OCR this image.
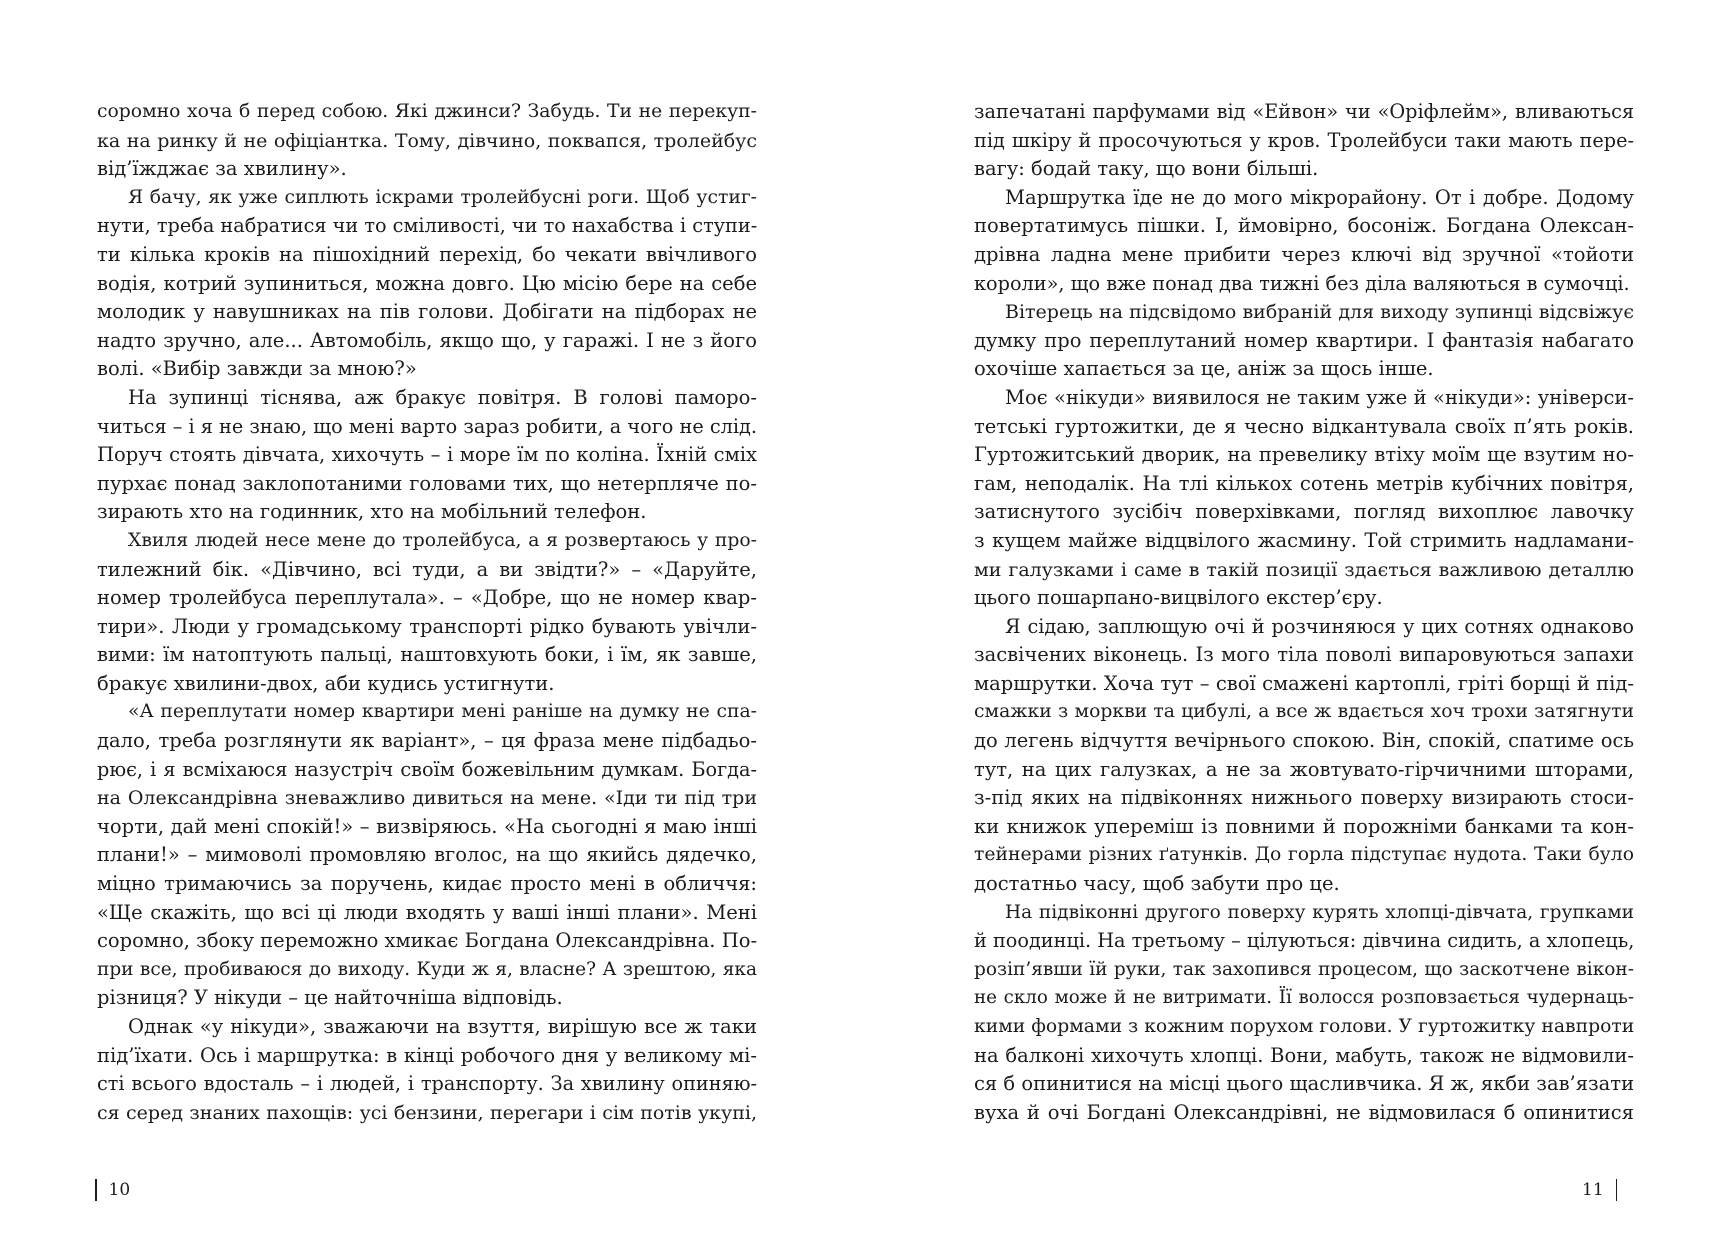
соромно хоча б перед собою. Які джинси? Забудь. Ти не перекуп-
ка на ринку й не офіціантка. Тому, дівчино, поквапся, тролейбус
від’їжджає за хвилину».
Я бачу, як уже сиплють іскрами тролейбусні роги. Щоб устиг-
нути, треба набратися чи то сміливості, чи то нахабства і ступи-
ти кілька кроків на пішохідний перехід, бо чекати ввічливого
водія, котрий зупиниться, можна довго. Цю місію бере на себе
молодик у навушниках на пів голови. Добігати на підборах не
надто зручно, але... Автомобіль, якщо що, у гаражі. І не з його
волі. «Вибір завжди за мною?»
На зупинці тіснява, аж бракує повітря. В голові паморо-
читься – і я не знаю, що мені варто зараз робити, а чого не слід.
Поруч стоять дівчата, хихочуть – і море їм по коліна. Їхній сміх
пурхає понад заклопотаними головами тих, що нетерпляче по-
зирають хто на годинник, хто на мобільний телефон.
Хвиля людей несе мене до тролейбуса, а я розвертаюсь у про-
тилежний бік. «Дівчино, всі туди, а ви звідти?» – «Даруйте,
номер тролейбуса переплутала». – «Добре, що не номер квар-
тири». Люди у громадському транспорті рідко бувають увічли-
вими: їм натоптують пальці, наштовхують боки, і їм, як завше,
бракує хвилини-двох, аби кудись устигнути.
«А переплутати номер квартири мені раніше на думку не спа-
дало, треба розглянути як варіант», – ця фраза мене підбадьо-
рює, і я всміхаюся назустріч своїм божевільним думкам. Богда-
на Олександрівна зневажливо дивиться на мене. «Іди ти під три
чорти, дай мені спокій!» – визвіряюсь. «На сьогодні я маю інші
плани!» – мимоволі промовляю вголос, на що якийсь дядечко,
міцно тримаючись за поручень, кидає просто мені в обличчя:
«Ще скажіть, що всі ці люди входять у ваші інші плани». Мені
соромно, збоку переможно хмикає Богдана Олександрівна. По-
при все, пробиваюся до виходу. Куди ж я, власне? А зрештою, яка
різниця? У нікуди – це найточніша відповідь.
Однак «у нікуди», зважаючи на взуття, вирішую все ж таки
під’їхати. Ось і маршрутка: в кінці робочого дня у великому мі-
сті всього вдосталь – і людей, і транспорту. За хвилину опиняю-
ся серед знаних пахощів: усі бензини, перегари і сім потів укупі,
запечатані парфумами від «Ейвон» чи «Оріфлейм», вливаються
під шкіру й просочуються у кров. Тролейбуси таки мають пере-
вагу: бодай таку, що вони більші.
Маршрутка їде не до мого мікрорайону. От і добре. Додому
повертатимусь пішки. І, ймовірно, босоніж. Богдана Олексан-
дрівна ладна мене прибити через ключі від зручної «тойоти
короли», що вже понад два тижні без діла валяються в сумочці.
Вітерець на підсвідомо вибраній для виходу зупинці відсвіжує
думку про переплутаний номер квартири. І фантазія набагато
охочіше хапається за це, аніж за щось інше.
Моє «нікуди» виявилося не таким уже й «нікуди»: універси-
тетські гуртожитки, де я чесно відкантувала своїх п’ять років.
Гуртожитський дворик, на превелику втіху моїм ще взутим но-
гам, неподалік. На тлі кількох сотень метрів кубічних повітря,
затиснутого зусібіч поверхівками, погляд вихоплює лавочку
з кущем майже відцвілого жасмину. Той стримить надламани-
ми галузками і саме в такій позиції здається важливою деталлю
цього пошарпано-вицвілого екстер’єру.
Я сідаю, заплющую очі й розчиняюся у цих сотнях однаково
засвічених віконець. Із мого тіла поволі випаровуються запахи
маршрутки. Хоча тут – свої смажені картоплі, гріті борщі й під-
смажки з моркви та цибулі, а все ж вдається хоч трохи затягнути
до легень відчуття вечірнього спокою. Він, спокій, спатиме ось
тут, на цих галузках, а не за жовтувато-гірчичними шторами,
з-під яких на підвіконнях нижнього поверху визирають стоси-
ки книжок упереміш із повними й порожніми банками та кон-
тейнерами різних ґатунків. До горла підступає нудота. Таки було
достатньо часу, щоб забути про це.
На підвіконні другого поверху курять хлопці-дівчата, групками
й поодинці. На третьому – цілуються: дівчина сидить, а хлопець,
розіп’явши їй руки, так захопився процесом, що заскотчене вікон-
не скло може й не витримати. Її волосся розповзається чудернаць-
кими формами з кожним порухом голови. У гуртожитку навпроти
на балконі хихочуть хлопці. Вони, мабуть, також не відмовили-
ся б опинитися на місці цього щасливчика. Я ж, якби зав’язати
вуха й очі Богдані Олександрівні, не відмовилася б опинитися
10	11
